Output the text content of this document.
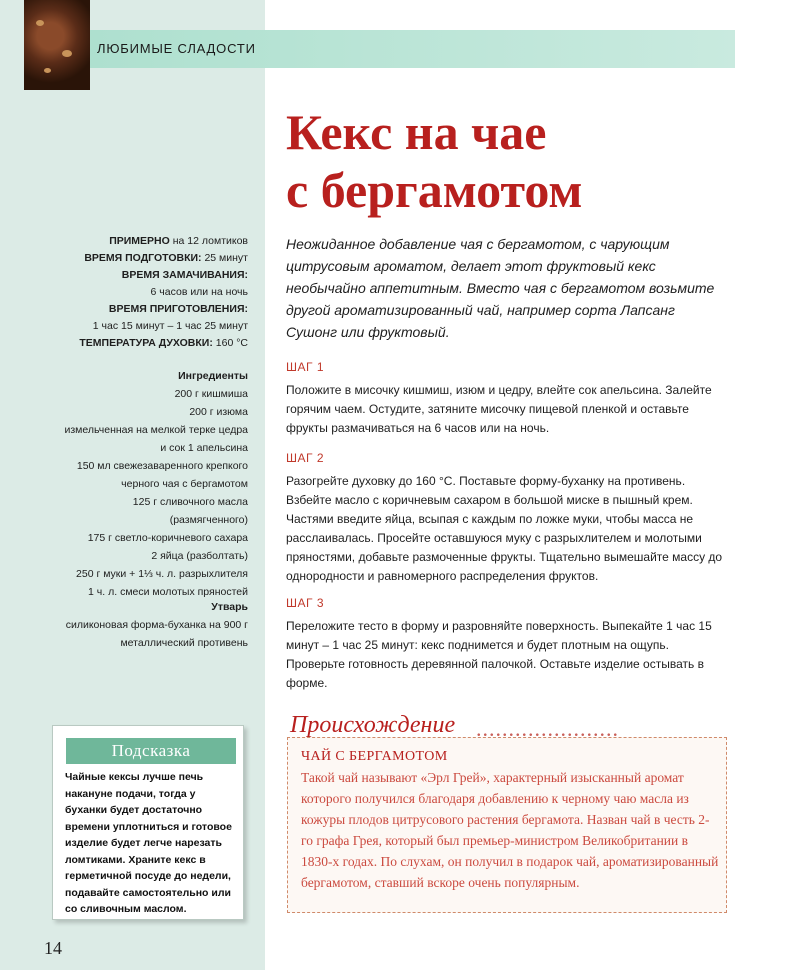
ЛЮБИМЫЕ СЛАДОСТИ
Кекс на чае
с бергамотом

Неожиданное добавление чая с бергамотом, с чарующим цитрусовым ароматом, делает этот фруктовый кекс необычайно аппетитным. Вместо чая с бергамотом возьмите другой ароматизированный чай, например сорта Лапсанг Сушонг или фруктовый.

ПРИМЕРНО на 12 ломтиков
ВРЕМЯ ПОДГОТОВКИ: 25 минут
ВРЕМЯ ЗАМАЧИВАНИЯ:
6 часов или на ночь
ВРЕМЯ ПРИГОТОВЛЕНИЯ:
1 час 15 минут – 1 час 25 минут
ТЕМПЕРАТУРА ДУХОВКИ: 160 °C
Ингредиенты
200 г кишмиша
200 г изюма
измельченная на мелкой терке цедра
и сок 1 апельсина
150 мл свежезаваренного крепкого
черного чая с бергамотом
125 г сливочного масла
(размягченного)
175 г светло-коричневого сахара
2 яйца (разболтать)
250 г муки + 1⅓ ч. л. разрыхлителя
1 ч. л. смеси молотых пряностей
Утварь
силиконовая форма-буханка на 900 г
металлический противень
ШАГ 1
Положите в мисочку кишмиш, изюм и цедру, влейте сок апельсина. Залейте горячим чаем. Остудите, затяните мисочку пищевой пленкой и оставьте фрукты размачиваться на 6 часов или на ночь.
ШАГ 2
Разогрейте духовку до 160 °С. Поставьте форму-буханку на противень. Взбейте масло с коричневым сахаром в большой миске в пышный крем. Частями введите яйца, всыпая с каждым по ложке муки, чтобы масса не расслаивалась. Просейте оставшуюся муку с разрыхлителем и молотыми пряностями, добавьте размоченные фрукты. Тщательно вымешайте массу до однородности и равномерного распределения фруктов.
ШАГ 3
Переложите тесто в форму и разровняйте поверхность. Выпекайте 1 час 15 минут – 1 час 25 минут: кекс поднимется и будет плотным на ощупь. Проверьте готовность деревянной палочкой. Оставьте изделие остывать в форме.
Подсказка
Чайные кексы лучше печь накануне подачи, тогда у буханки будет достаточно времени уплотниться и готовое изделие будет легче нарезать ломтиками. Храните кекс в герметичной посуде до недели, подавайте самостоятельно или со сливочным маслом.
Происхождение ......................
ЧАЙ С БЕРГАМОТОМ
Такой чай называют «Эрл Грей», характерный изысканный аромат которого получился благодаря добавлению к черному чаю масла из кожуры плодов цитрусового растения бергамота. Назван чай в честь 2-го графа Грея, который был премьер-министром Великобритании в 1830-х годах. По слухам, он получил в подарок чай, ароматизированный бергамотом, ставший вскоре очень популярным.
14
